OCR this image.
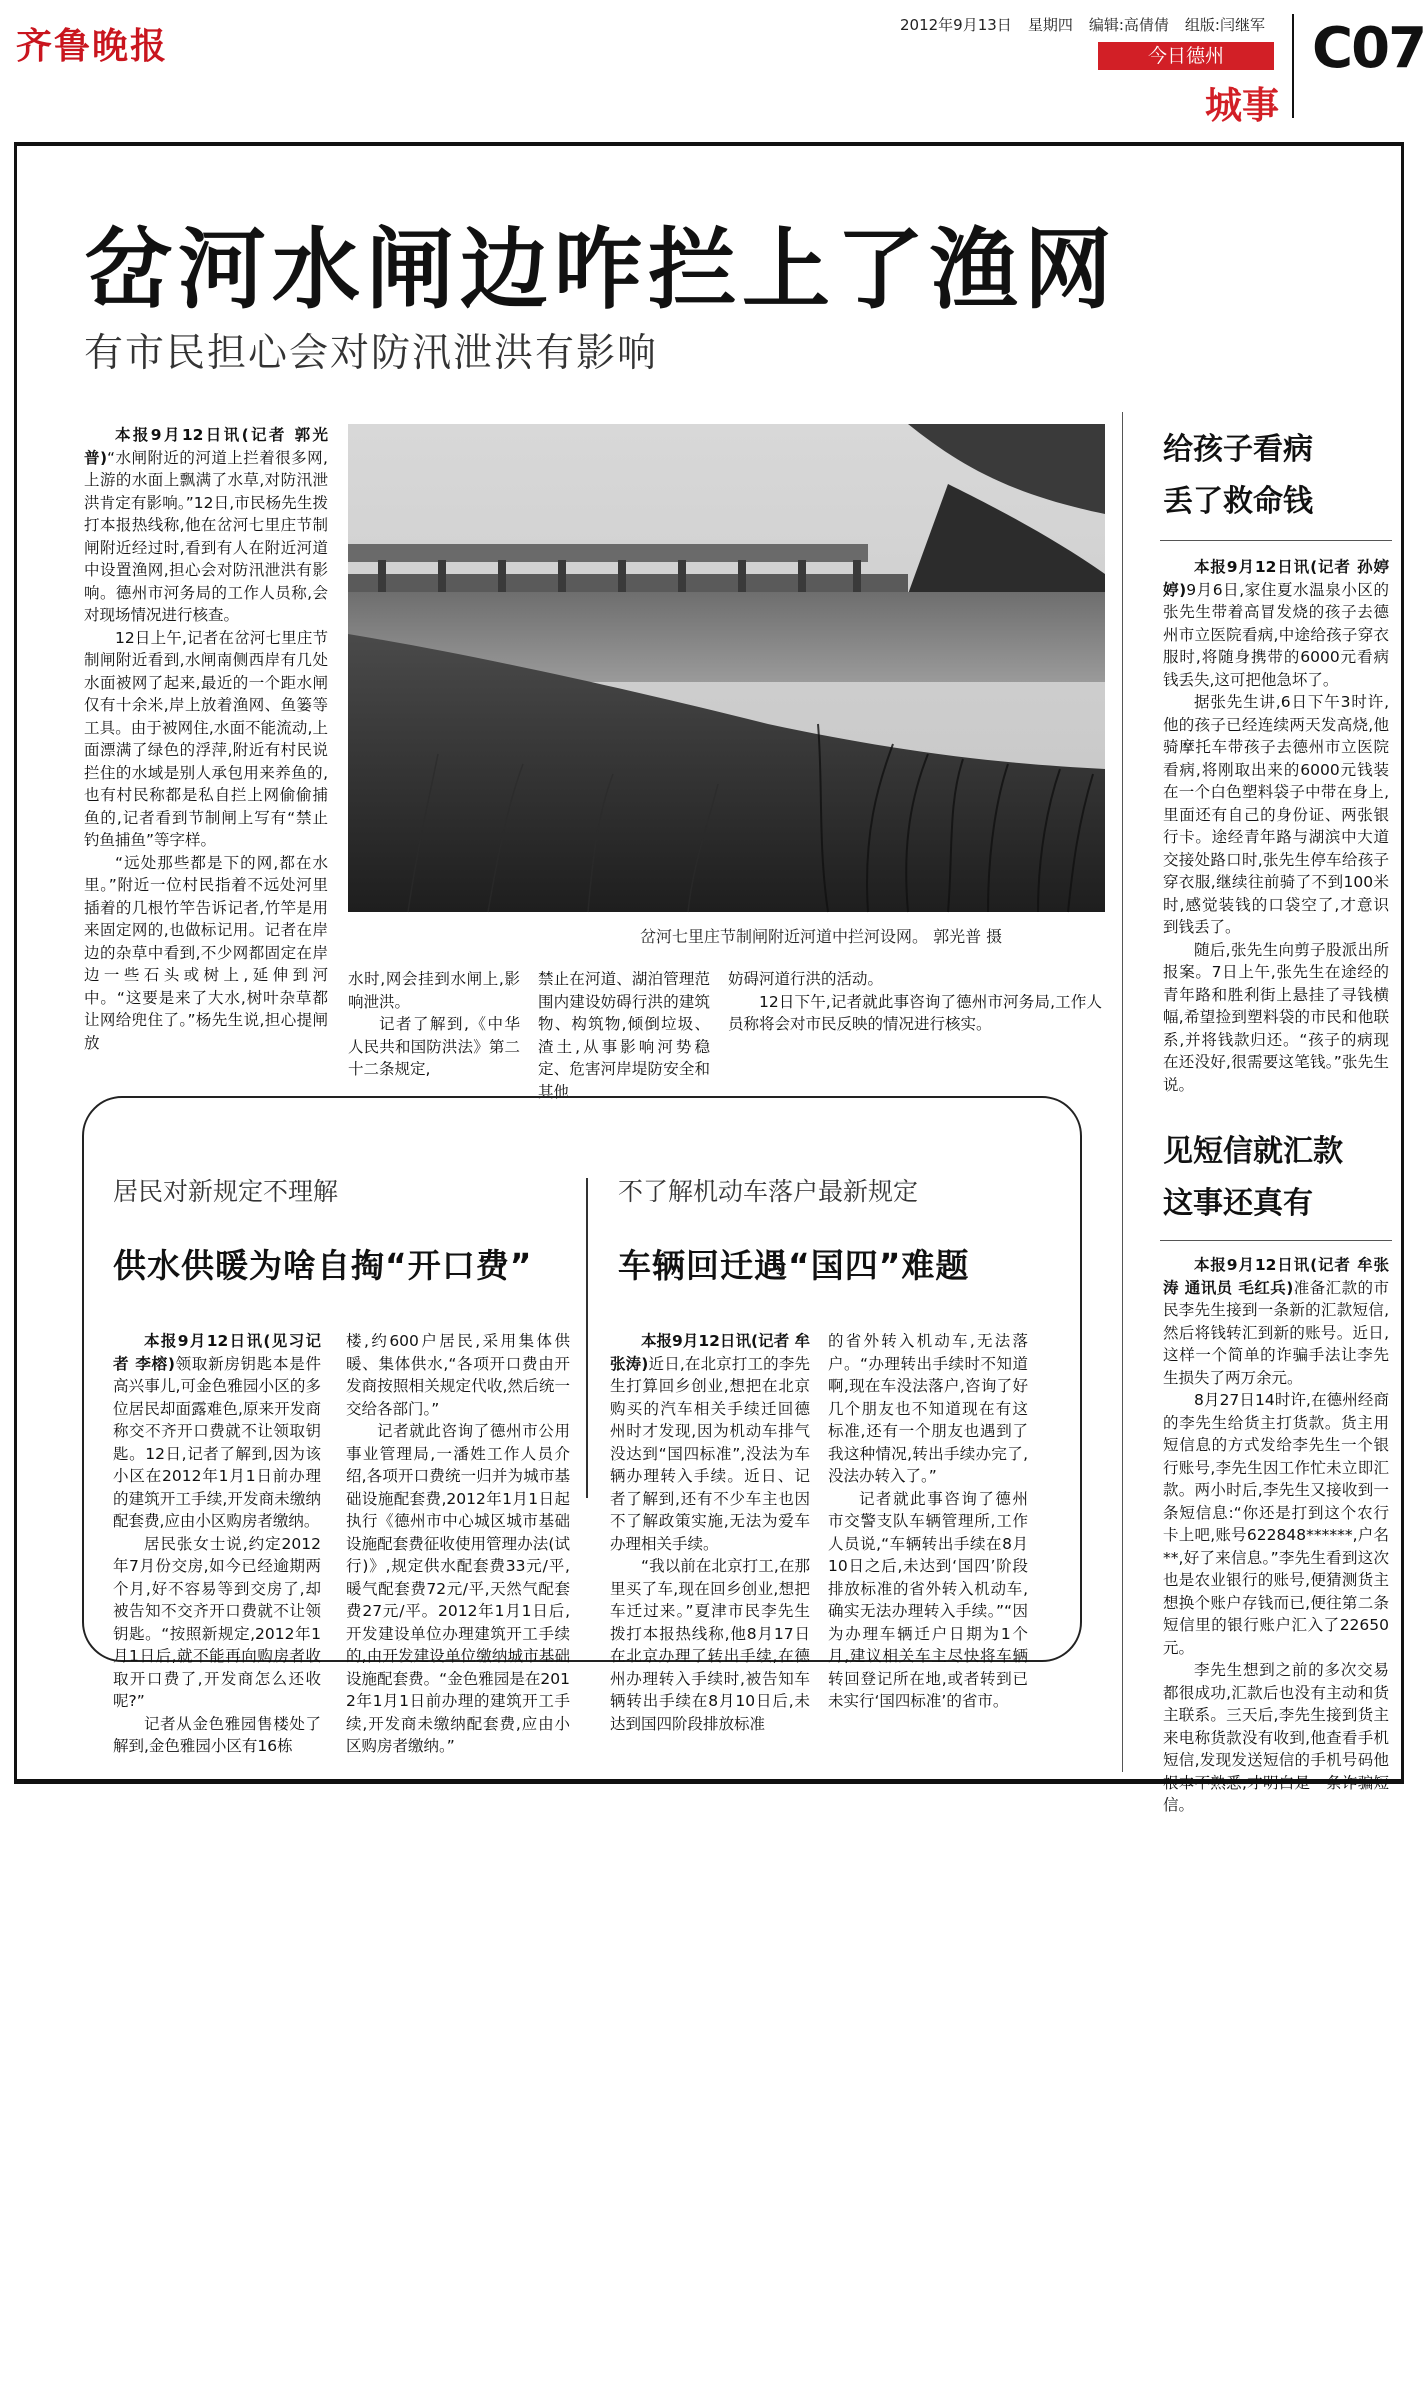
齐鲁晚报	2012年9月13日 星期四 编辑:高倩倩 组版:闫继军
今日德州
城事
C07
岔河水闸边咋拦上了渔网
有市民担心会对防汛泄洪有影响

本报9月12日讯(记者 郭光普)“水闸附近的河道上拦着很多网,上游的水面上飘满了水草,对防汛泄洪肯定有影响。”12日,市民杨先生拨打本报热线称,他在岔河七里庄节制闸附近经过时,看到有人在附近河道中设置渔网,担心会对防汛泄洪有影响。德州市河务局的工作人员称,会对现场情况进行核查。

12日上午,记者在岔河七里庄节制闸附近看到,水闸南侧西岸有几处水面被网了起来,最近的一个距水闸仅有十余米,岸上放着渔网、鱼篓等工具。由于被网住,水面不能流动,上面漂满了绿色的浮萍,附近有村民说拦住的水域是别人承包用来养鱼的,也有村民称都是私自拦上网偷偷捕鱼的,记者看到节制闸上写有“禁止钓鱼捕鱼”等字样。

“远处那些都是下的网,都在水里。”附近一位村民指着不远处河里插着的几根竹竿告诉记者,竹竿是用来固定网的,也做标记用。记者在岸边的杂草中看到,不少网都固定在岸边一些石头或树上,延伸到河中。“这要是来了大水,树叶杂草都让网给兜住了。”杨先生说,担心提闸放

岔河七里庄节制闸附近河道中拦河设网。 郭光普 摄

水时,网会挂到水闸上,影响泄洪。

记者了解到,《中华人民共和国防洪法》第二十二条规定,

禁止在河道、湖泊管理范围内建设妨碍行洪的建筑物、构筑物,倾倒垃圾、渣土,从事影响河势稳定、危害河岸堤防安全和其他

妨碍河道行洪的活动。

12日下午,记者就此事咨询了德州市河务局,工作人员称将会对市民反映的情况进行核实。

居民对新规定不理解
供水供暖为啥自掏“开口费”

本报9月12日讯(见习记者 李榕)领取新房钥匙本是件高兴事儿,可金色雅园小区的多位居民却面露难色,原来开发商称交不齐开口费就不让领取钥匙。12日,记者了解到,因为该小区在2012年1月1日前办理的建筑开工手续,开发商未缴纳配套费,应由小区购房者缴纳。

居民张女士说,约定2012年7月份交房,如今已经逾期两个月,好不容易等到交房了,却被告知不交齐开口费就不让领钥匙。“按照新规定,2012年1月1日后,就不能再向购房者收取开口费了,开发商怎么还收呢?”

记者从金色雅园售楼处了解到,金色雅园小区有16栋

楼,约600户居民,采用集体供暖、集体供水,“各项开口费由开发商按照相关规定代收,然后统一交给各部门。”

记者就此咨询了德州市公用事业管理局,一潘姓工作人员介绍,各项开口费统一归并为城市基础设施配套费,2012年1月1日起执行《德州市中心城区城市基础设施配套费征收使用管理办法(试行)》,规定供水配套费33元/平,暖气配套费72元/平,天然气配套费27元/平。2012年1月1日后,开发建设单位办理建筑开工手续的,由开发建设单位缴纳城市基础设施配套费。“金色雅园是在2012年1月1日前办理的建筑开工手续,开发商未缴纳配套费,应由小区购房者缴纳。”

不了解机动车落户最新规定
车辆回迁遇“国四”难题

本报9月12日讯(记者 牟张涛)近日,在北京打工的李先生打算回乡创业,想把在北京购买的汽车相关手续迁回德州时才发现,因为机动车排气没达到“国四标准”,没法为车辆办理转入手续。近日、记者了解到,还有不少车主也因不了解政策实施,无法为爱车办理相关手续。

“我以前在北京打工,在那里买了车,现在回乡创业,想把车迁过来。”夏津市民李先生拨打本报热线称,他8月17日在北京办理了转出手续,在德州办理转入手续时,被告知车辆转出手续在8月10日后,未达到国四阶段排放标准

的省外转入机动车,无法落户。“办理转出手续时不知道啊,现在车没法落户,咨询了好几个朋友也不知道现在有这标准,还有一个朋友也遇到了我这种情况,转出手续办完了,没法办转入了。”

记者就此事咨询了德州市交警支队车辆管理所,工作人员说,“车辆转出手续在8月10日之后,未达到‘国四’阶段排放标准的省外转入机动车,确实无法办理转入手续。”“因为办理车辆迁户日期为1个月,建议相关车主尽快将车辆转回登记所在地,或者转到已未实行‘国四标准’的省市。

给孩子看病
丢了救命钱

本报9月12日讯(记者 孙婷婷)9月6日,家住夏水温泉小区的张先生带着高冒发烧的孩子去德州市立医院看病,中途给孩子穿衣服时,将随身携带的6000元看病钱丢失,这可把他急坏了。

据张先生讲,6日下午3时许,他的孩子已经连续两天发高烧,他骑摩托车带孩子去德州市立医院看病,将刚取出来的6000元钱装在一个白色塑料袋子中带在身上,里面还有自己的身份证、两张银行卡。途经青年路与湖滨中大道交接处路口时,张先生停车给孩子穿衣服,继续往前骑了不到100米时,感觉装钱的口袋空了,才意识到钱丢了。

随后,张先生向剪子股派出所报案。7日上午,张先生在途经的青年路和胜利街上悬挂了寻钱横幅,希望捡到塑料袋的市民和他联系,并将钱款归还。“孩子的病现在还没好,很需要这笔钱。”张先生说。

见短信就汇款
这事还真有

本报9月12日讯(记者 牟张涛 通讯员 毛红兵)准备汇款的市民李先生接到一条新的汇款短信,然后将钱转汇到新的账号。近日,这样一个简单的诈骗手法让李先生损失了两万余元。

8月27日14时许,在德州经商的李先生给货主打货款。货主用短信息的方式发给李先生一个银行账号,李先生因工作忙未立即汇款。两小时后,李先生又接收到一条短信息:“你还是打到这个农行卡上吧,账号622848******,户名**,好了来信息。”李先生看到这次也是农业银行的账号,便猜测货主想换个账户存钱而已,便往第二条短信里的银行账户汇入了22650元。

李先生想到之前的多次交易都很成功,汇款后也没有主动和货主联系。三天后,李先生接到货主来电称货款没有收到,他查看手机短信,发现发送短信的手机号码他根本不熟悉,才明白是一条诈骗短信。
